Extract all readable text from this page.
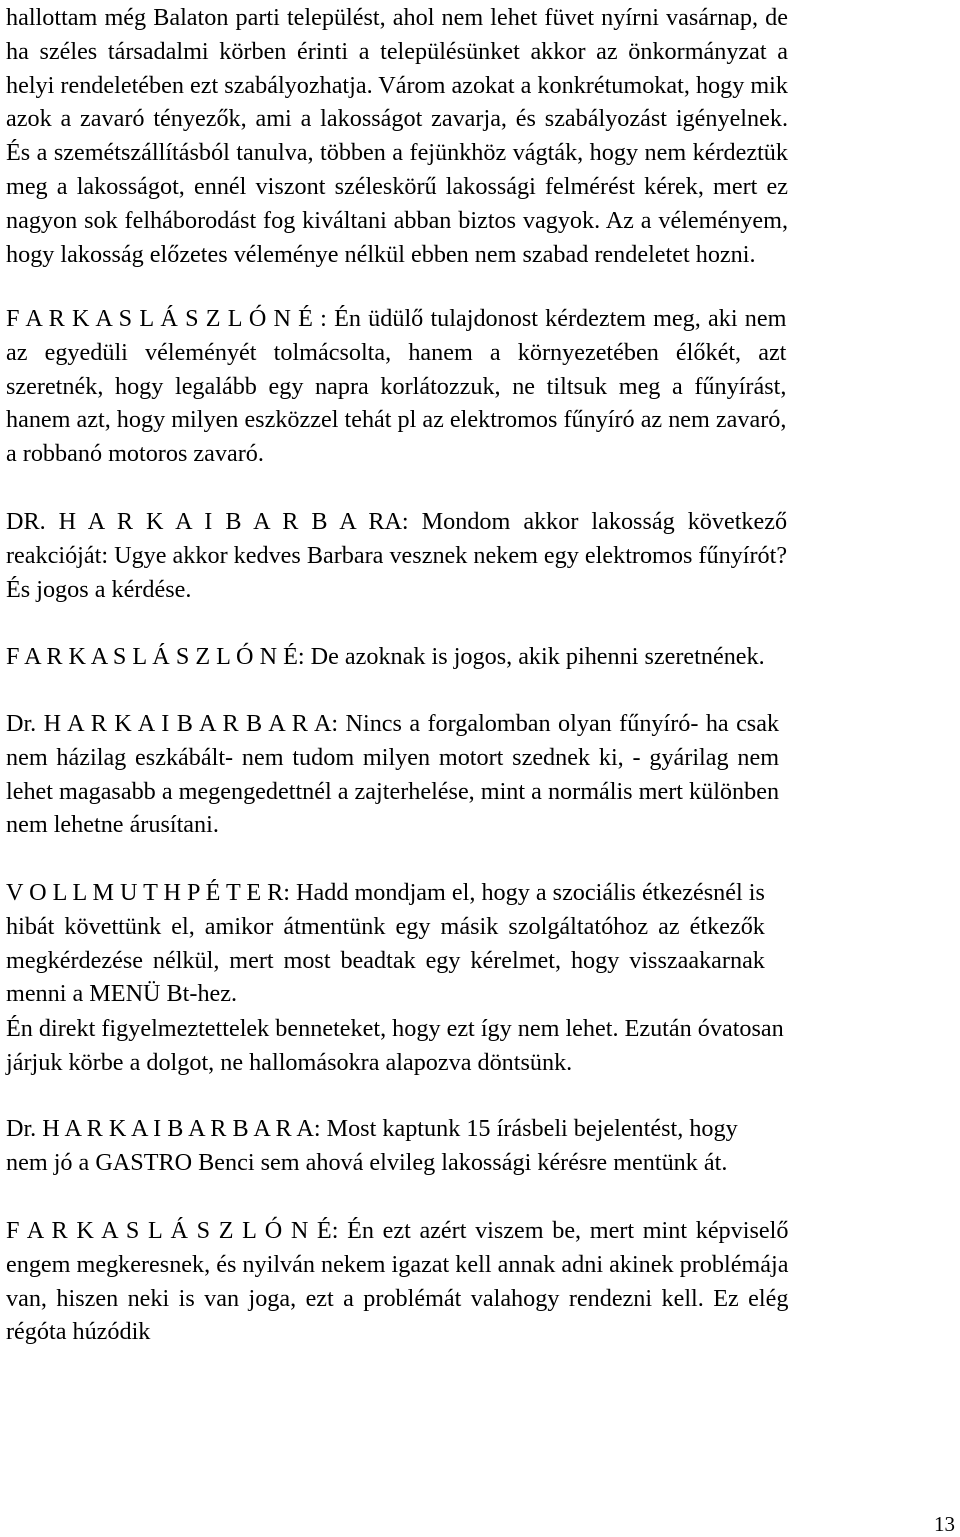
hallottam még Balaton parti települést, ahol nem lehet füvet nyírni vasárnap, de
ha széles társadalmi körben érinti a településünket akkor az önkormányzat a
helyi rendeletében ezt szabályozhatja. Várom azokat a konkrétumokat, hogy mik
azok a zavaró tényezők, ami a lakosságot zavarja, és szabályozást igényelnek.
És a szemétszállításból tanulva, többen a fejünkhöz vágták, hogy nem kérdeztük
meg a lakosságot, ennél viszont széleskörű lakossági felmérést kérek, mert ez
nagyon sok felháborodást fog kiváltani abban biztos vagyok. Az a véleményem,
hogy lakosság előzetes véleménye nélkül ebben nem szabad rendeletet hozni.
F A R K A S L Á S Z L Ó N É : Én üdülő tulajdonost kérdeztem meg, aki nem
az egyedüli véleményét tolmácsolta, hanem a környezetében élőkét, azt
szeretnék, hogy legalább egy napra korlátozzuk, ne tiltsuk meg a fűnyírást,
hanem azt, hogy milyen eszközzel tehát pl az elektromos fűnyíró az nem zavaró,
a robbanó motoros zavaró.
DR. H A R K A I B A R B A RA: Mondom akkor lakosság következő
reakcióját: Ugye akkor kedves Barbara vesznek nekem egy elektromos fűnyírót?
És jogos a kérdése.
F A R K A S L Á S Z L Ó N É: De azoknak is jogos, akik pihenni szeretnének.
Dr. H A R K A I B A R B A R A: Nincs a forgalomban olyan fűnyíró- ha csak
nem házilag eszkábált- nem tudom milyen motort szednek ki, - gyárilag nem
lehet magasabb a megengedettnél a zajterhelése, mint a normális mert különben
nem lehetne árusítani.
V O L L M U T H P É T E R: Hadd mondjam el, hogy a szociális étkezésnél is
hibát követtünk el, amikor átmentünk egy másik szolgáltatóhoz az étkezők
megkérdezése nélkül, mert most beadtak egy kérelmet, hogy visszaakarnak
menni a MENÜ Bt-hez.
Én direkt figyelmeztettelek benneteket, hogy ezt így nem lehet. Ezután óvatosan
járjuk körbe a dolgot, ne hallomásokra alapozva döntsünk.
Dr. H A R K A I B A R B A R A: Most kaptunk 15 írásbeli bejelentést, hogy
nem jó a GASTRO Benci sem ahová elvileg lakossági kérésre mentünk át.
F A R K A S L Á S Z L Ó N É: Én ezt azért viszem be, mert mint képviselő
engem megkeresnek, és nyilván nekem igazat kell annak adni akinek problémája
van, hiszen neki is van joga, ezt a problémát valahogy rendezni kell. Ez elég
régóta húzódik
13
